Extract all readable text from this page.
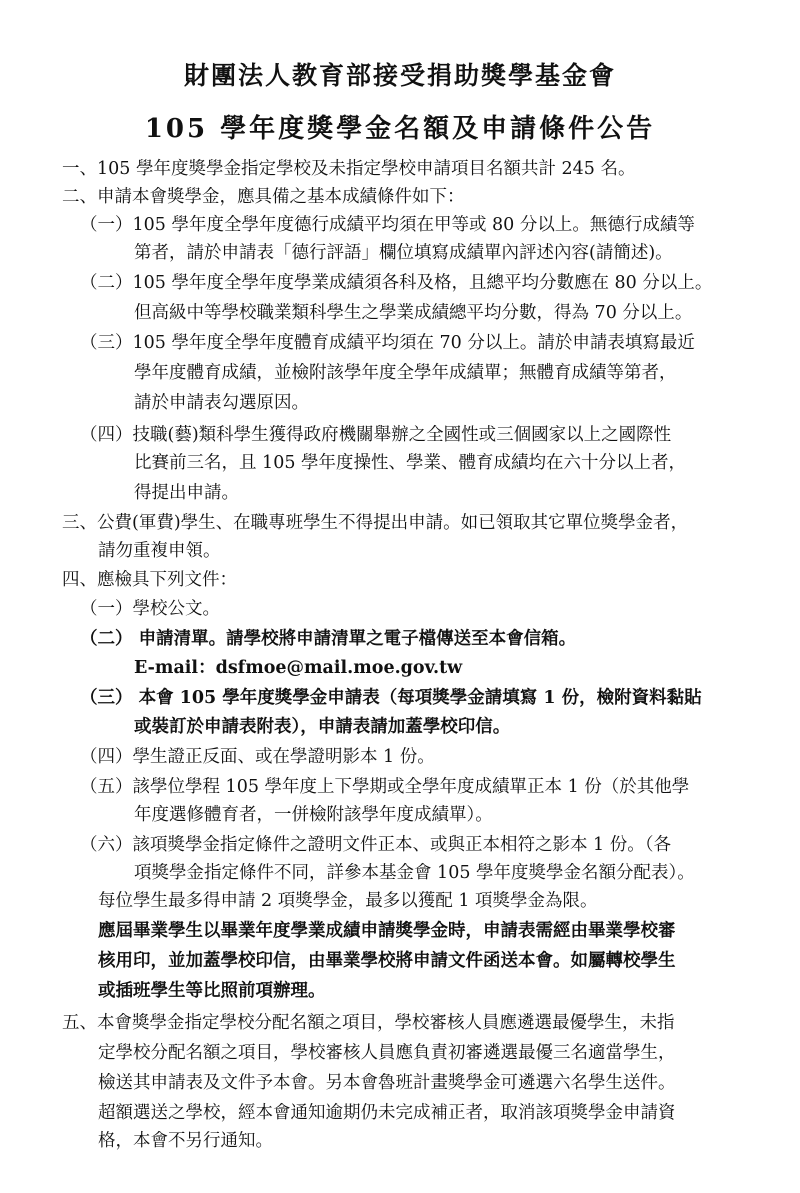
財團法人教育部接受捐助獎學基金會
105 學年度獎學金名額及申請條件公告
一、105 學年度獎學金指定學校及未指定學校申請項目名額共計 245 名。
二、申請本會獎學金，應具備之基本成績條件如下：
（一）105 學年度全學年度德行成績平均須在甲等或 80 分以上。無德行成績等
第者，請於申請表「德行評語」欄位填寫成績單內評述內容(請簡述)。
（二）105 學年度全學年度學業成績須各科及格，且總平均分數應在 80 分以上。
但高級中等學校職業類科學生之學業成績總平均分數，得為 70 分以上。
（三）105 學年度全學年度體育成績平均須在 70 分以上。請於申請表填寫最近
學年度體育成績，並檢附該學年度全學年成績單；無體育成績等第者，
請於申請表勾選原因。
（四）技職(藝)類科學生獲得政府機關舉辦之全國性或三個國家以上之國際性
比賽前三名，且 105 學年度操性、學業、體育成績均在六十分以上者，
得提出申請。
三、公費(軍費)學生、在職專班學生不得提出申請。如已領取其它單位獎學金者，
請勿重複申領。
四、應檢具下列文件：
（一）學校公文。
（二） 申請清單。請學校將申請清單之電子檔傳送至本會信箱。
E-mail：dsfmoe@mail.moe.gov.tw
（三） 本會 105 學年度獎學金申請表（每項獎學金請填寫 1 份，檢附資料黏貼
或裝訂於申請表附表），申請表請加蓋學校印信。
（四）學生證正反面、或在學證明影本 1 份。
（五）該學位學程 105 學年度上下學期或全學年度成績單正本 1 份（於其他學
年度選修體育者，一併檢附該學年度成績單）。
（六）該項獎學金指定條件之證明文件正本、或與正本相符之影本 1 份。（各
項獎學金指定條件不同，詳參本基金會 105 學年度獎學金名額分配表）。
每位學生最多得申請 2 項獎學金，最多以獲配 1 項獎學金為限。
應屆畢業學生以畢業年度學業成績申請獎學金時，申請表需經由畢業學校審
核用印，並加蓋學校印信，由畢業學校將申請文件函送本會。如屬轉校學生
或插班學生等比照前項辦理。
五、本會獎學金指定學校分配名額之項目，學校審核人員應遴選最優學生，未指
定學校分配名額之項目，學校審核人員應負責初審遴選最優三名適當學生，
檢送其申請表及文件予本會。另本會魯班計畫獎學金可遴選六名學生送件。
超額選送之學校，經本會通知逾期仍未完成補正者，取消該項獎學金申請資
格，本會不另行通知。
